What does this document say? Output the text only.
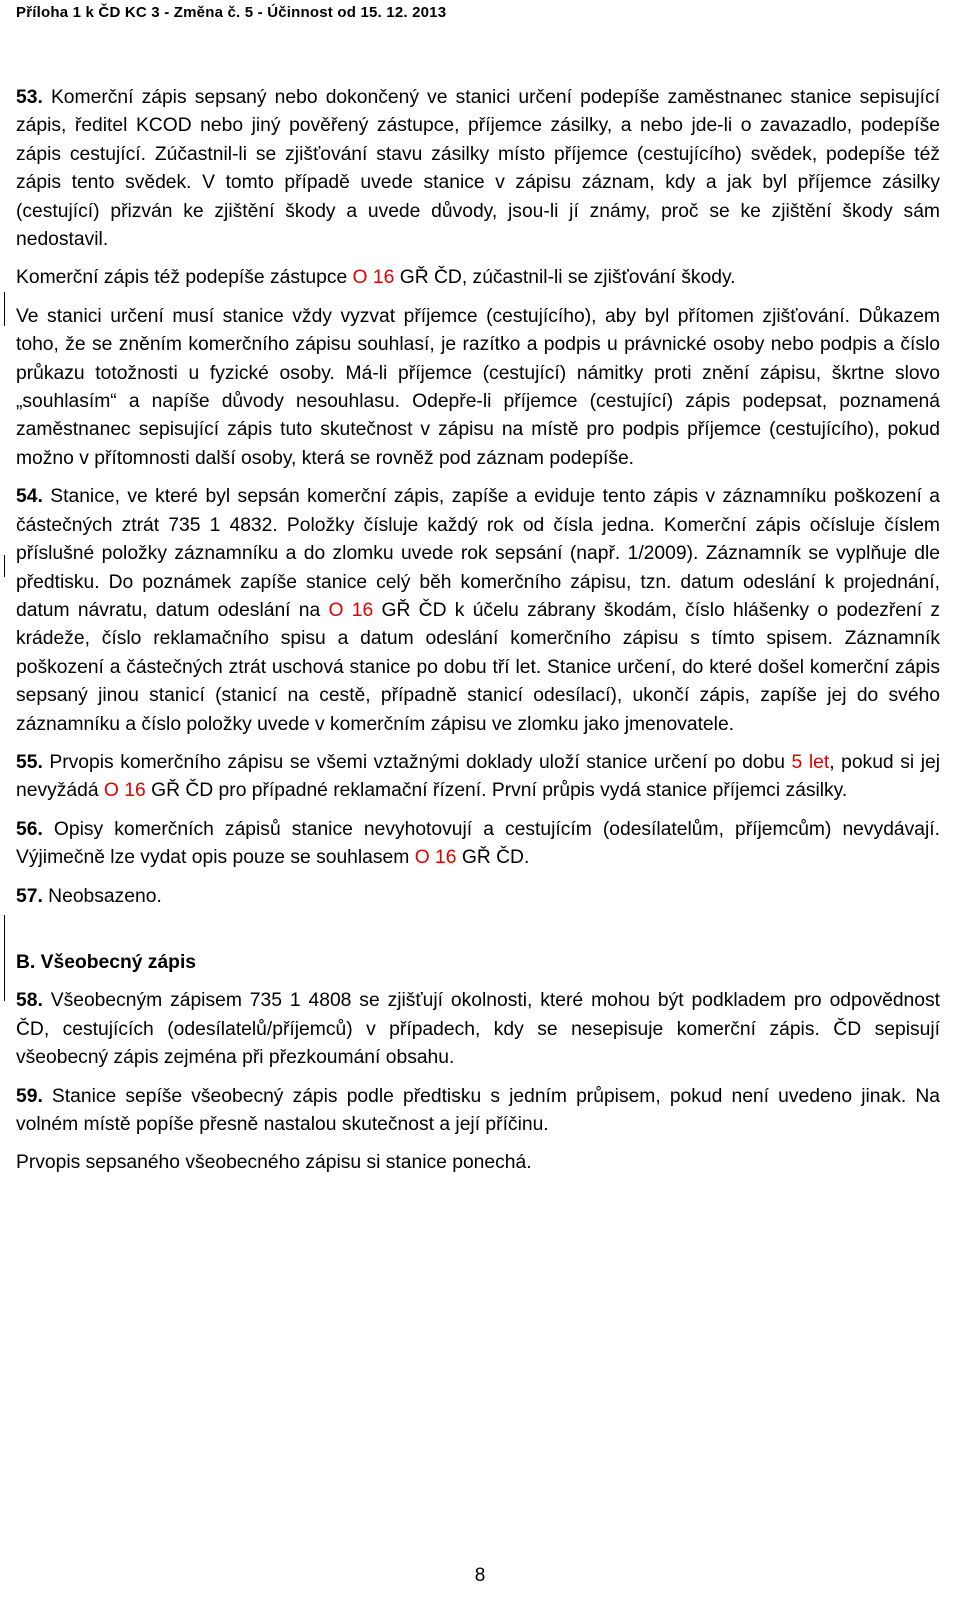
Příloha 1 k ČD KC 3 - Změna č. 5 - Účinnost od 15. 12. 2013

53. Komerční zápis sepsaný nebo dokončený ve stanici určení podepíše zaměstnanec stanice sepisující zápis, ředitel KCOD nebo jiný pověřený zástupce, příjemce zásilky, a nebo jde-li o zavazadlo, podepíše zápis cestující. Zúčastnil-li se zjišťování stavu zásilky místo příjemce (cestujícího) svědek, podepíše též zápis tento svědek. V tomto případě uvede stanice v zápisu záznam, kdy a jak byl příjemce zásilky (cestující) přizván ke zjištění škody a uvede důvody, jsou-li jí známy, proč se ke zjištění škody sám nedostavil.

Komerční zápis též podepíše zástupce O 16 GŘ ČD, zúčastnil-li se zjišťování škody.

Ve stanici určení musí stanice vždy vyzvat příjemce (cestujícího), aby byl přítomen zjišťování. Důkazem toho, že se zněním komerčního zápisu souhlasí, je razítko a podpis u právnické osoby nebo podpis a číslo průkazu totožnosti u fyzické osoby. Má-li příjemce (cestující) námitky proti znění zápisu, škrtne slovo „souhlasím“ a napíše důvody nesouhlasu. Odepře-li příjemce (cestující) zápis podepsat, poznamená zaměstnanec sepisující zápis tuto skutečnost v zápisu na místě pro podpis příjemce (cestujícího), pokud možno v přítomnosti další osoby, která se rovněž pod záznam podepíše.

54. Stanice, ve které byl sepsán komerční zápis, zapíše a eviduje tento zápis v záznamníku poškození a částečných ztrát 735 1 4832. Položky čísluje každý rok od čísla jedna. Komerční zápis očísluje číslem příslušné položky záznamníku a do zlomku uvede rok sepsání (např. 1/2009). Záznamník se vyplňuje dle předtisku. Do poznámek zapíše stanice celý běh komerčního zápisu, tzn. datum odeslání k projednání, datum návratu, datum odeslání na O 16 GŘ ČD k účelu zábrany škodám, číslo hlášenky o podezření z krádeže, číslo reklamačního spisu a datum odeslání komerčního zápisu s tímto spisem. Záznamník poškození a částečných ztrát uschová stanice po dobu tří let. Stanice určení, do které došel komerční zápis sepsaný jinou stanicí (stanicí na cestě, případně stanicí odesílací), ukončí zápis, zapíše jej do svého záznamníku a číslo položky uvede v komerčním zápisu ve zlomku jako jmenovatele.

55. Prvopis komerčního zápisu se všemi vztažnými doklady uloží stanice určení po dobu 5 let, pokud si jej nevyžádá O 16 GŘ ČD pro případné reklamační řízení. První průpis vydá stanice příjemci zásilky.

56. Opisy komerčních zápisů stanice nevyhotovují a cestujícím (odesílatelům, příjemcům) nevydávají. Výjimečně lze vydat opis pouze se souhlasem O 16 GŘ ČD.

57. Neobsazeno.

B. Všeobecný zápis

58. Všeobecným zápisem 735 1 4808 se zjišťují okolnosti, které mohou být podkladem pro odpovědnost ČD, cestujících (odesílatelů/příjemců) v případech, kdy se nesepisuje komerční zápis. ČD sepisují všeobecný zápis zejména při přezkoumání obsahu.

59. Stanice sepíše všeobecný zápis podle předtisku s jedním průpisem, pokud není uvedeno jinak. Na volném místě popíše přesně nastalou skutečnost a její příčinu.

Prvopis sepsaného všeobecného zápisu si stanice ponechá.

8
